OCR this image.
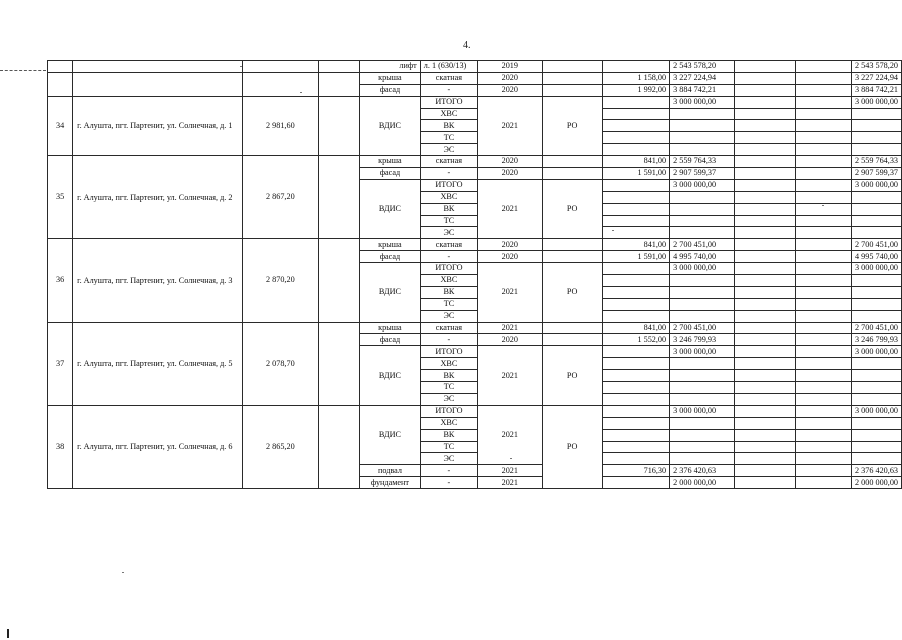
4.
				лифт	л. 1 (630/13)	2019			2 543 578,20			2 543 578,20
				крыша	скатная	2020		1 158,00	3 227 224,94			3 227 224,94
				фасад	-	2020		1 992,00	3 884 742,21			3 884 742,21
34	г. Алушта, пгт. Партенит, ул. Солнечная, д. 1	2 981,60		ВДИС	ИТОГО	2021	РО		3 000 000,00			3 000 000,00
					ХВС							
					ВК							
					ТС							
					ЭС							
35	г. Алушта, пгт. Партенит, ул. Солнечная, д. 2	2 867,20		крыша	скатная	2020		841,00	2 559 764,33			2 559 764,33
				фасад	-	2020		1 591,00	2 907 599,37			2 907 599,37
				ВДИС	ИТОГО	2021	РО		3 000 000,00			3 000 000,00
					ХВС							
					ВК							
					ТС							
					ЭС							
36	г. Алушта, пгт. Партенит, ул. Солнечная, д. 3	2 870,20		крыша	скатная	2020		841,00	2 700 451,00			2 700 451,00
				фасад	-	2020		1 591,00	4 995 740,00			4 995 740,00
				ВДИС	ИТОГО	2021	РО		3 000 000,00			3 000 000,00
					ХВС							
					ВК							
					ТС							
					ЭС							
37	г. Алушта, пгт. Партенит, ул. Солнечная, д. 5	2 078,70		крыша	скатная	2021		841,00	2 700 451,00			2 700 451,00
				фасад	-	2020		1 552,00	3 246 799,93			3 246 799,93
				ВДИС	ИТОГО	2021	РО		3 000 000,00			3 000 000,00
					ХВС							
					ВК							
					ТС							
					ЭС							
38	г. Алушта, пгт. Партенит, ул. Солнечная, д. 6	2 865,20		ВДИС	ИТОГО	2021	РО		3 000 000,00			3 000 000,00
					ХВС							
					ВК							
					ТС							
					ЭС							
				подвал	-	2021		716,30	2 376 420,63			2 376 420,63
				фундамент	-	2021			2 000 000,00			2 000 000,00
